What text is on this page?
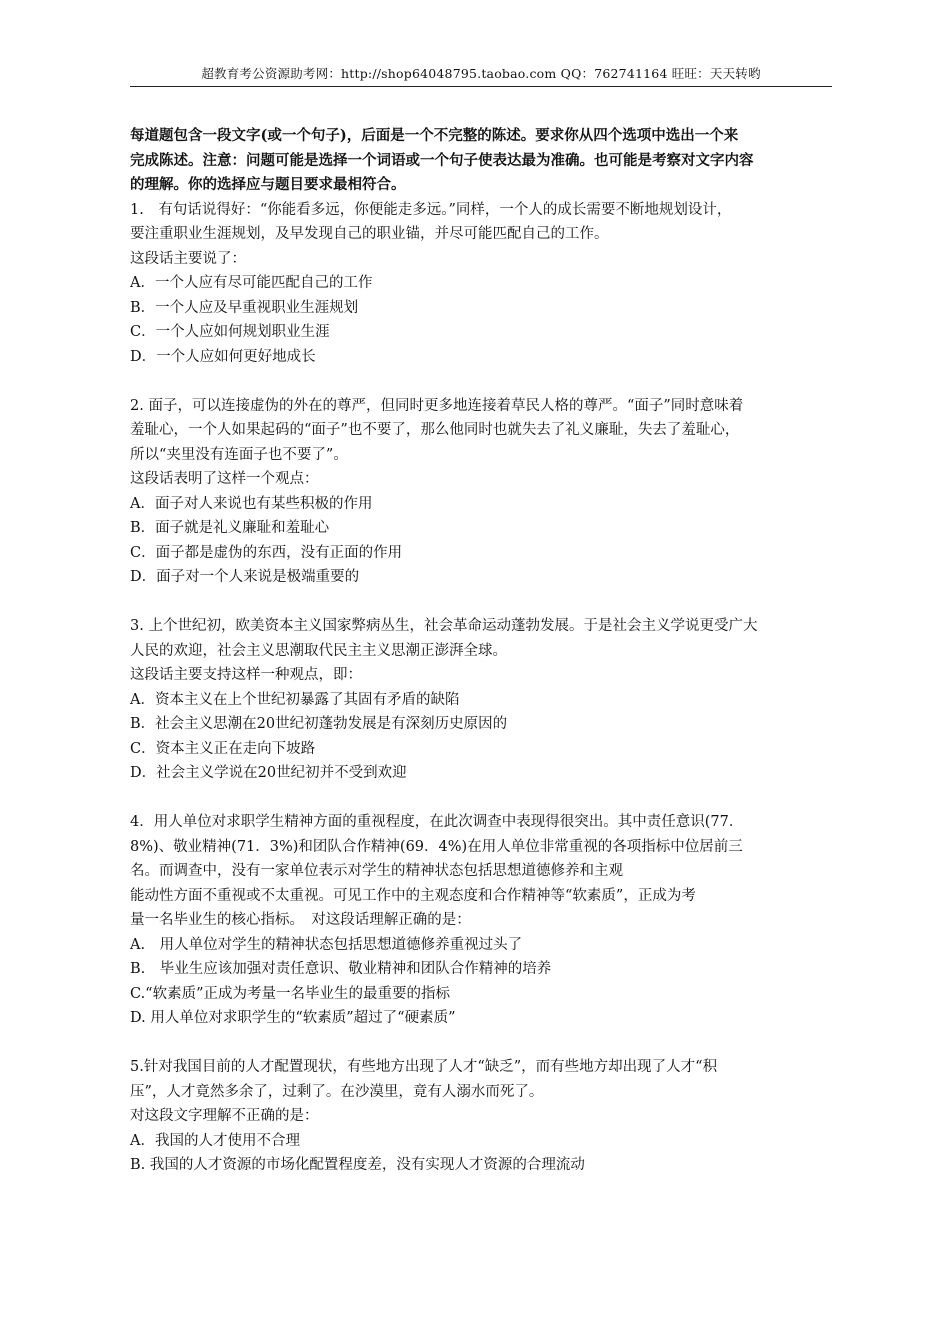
超教育考公资源助考网：http://shop64048795.taobao.com QQ：762741164 旺旺：天天转哟

每道题包含一段文字(或一个句子)，后面是一个不完整的陈述。要求你从四个选项中选出一个来

完成陈述。注意：问题可能是选择一个词语或一个句子使表达最为准确。也可能是考察对文字内容

的理解。你的选择应与题目要求最相符合。

1.　有句话说得好：“你能看多远，你便能走多远。”同样，一个人的成长需要不断地规划设计，

要注重职业生涯规划，及早发现自己的职业锚，并尽可能匹配自己的工作。

这段话主要说了：

A．一个人应有尽可能匹配自己的工作

B．一个人应及早重视职业生涯规划

C．一个人应如何规划职业生涯

D．一个人应如何更好地成长

2. 面子，可以连接虚伪的外在的尊严，但同时更多地连接着草民人格的尊严。“面子”同时意味着

羞耻心，一个人如果起码的“面子”也不要了，那么他同时也就失去了礼义廉耻，失去了羞耻心，

所以“夹里没有连面子也不要了”。

这段话表明了这样一个观点：

A．面子对人来说也有某些积极的作用

B．面子就是礼义廉耻和羞耻心

C．面子都是虚伪的东西，没有正面的作用

D．面子对一个人来说是极端重要的

3. 上个世纪初，欧美资本主义国家弊病丛生，社会革命运动蓬勃发展。于是社会主义学说更受广大

人民的欢迎，社会主义思潮取代民主主义思潮正澎湃全球。

这段话主要支持这样一种观点，即：

A．资本主义在上个世纪初暴露了其固有矛盾的缺陷

B．社会主义思潮在20世纪初蓬勃发展是有深刻历史原因的

C．资本主义正在走向下坡路

D．社会主义学说在20世纪初并不受到欢迎

4．用人单位对求职学生精神方面的重视程度，在此次调查中表现得很突出。其中责任意识(77．

8%)、敬业精神(71．3%)和团队合作精神(69．4%)在用人单位非常重视的各项指标中位居前三

名。而调查中，没有一家单位表示对学生的精神状态包括思想道德修养和主观

能动性方面不重视或不太重视。可见工作中的主观态度和合作精神等“软素质”，正成为考

量一名毕业生的核心指标。　对这段话理解正确的是：

A.　用人单位对学生的精神状态包括思想道德修养重视过头了

B.　毕业生应该加强对责任意识、敬业精神和团队合作精神的培养

C.“软素质”正成为考量一名毕业生的最重要的指标

D. 用人单位对求职学生的“软素质”超过了“硬素质”

5.针对我国目前的人才配置现状，有些地方出现了人才“缺乏”，而有些地方却出现了人才“积

压”，人才竟然多余了，过剩了。在沙漠里，竟有人溺水而死了。

对这段文字理解不正确的是：

A．我国的人才使用不合理

B. 我国的人才资源的市场化配置程度差，没有实现人才资源的合理流动
